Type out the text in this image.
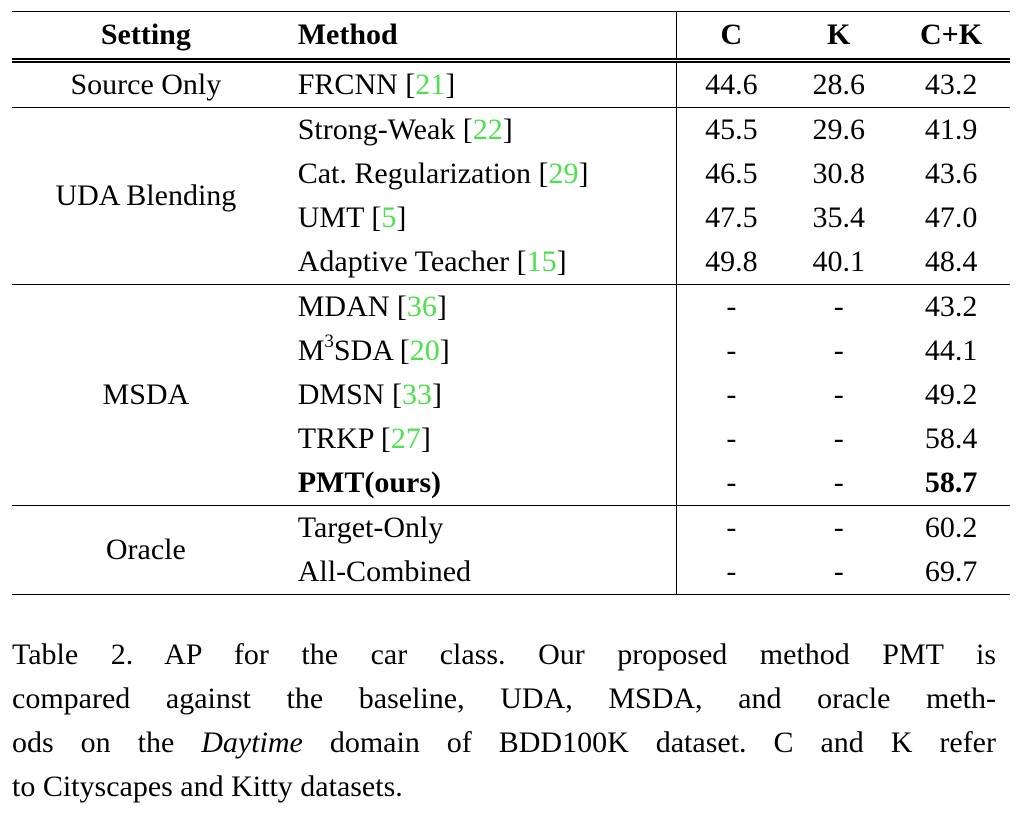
Setting	Method	C	K	C+K
Source Only	FRCNN [21]	44.6	28.6	43.2
UDA Blending	Strong-Weak [22]	45.5	29.6	41.9
	Cat. Regularization [29]	46.5	30.8	43.6
	UMT [5]	47.5	35.4	47.0
	Adaptive Teacher [15]	49.8	40.1	48.4
MSDA	MDAN [36]	-	-	43.2
	$M^3SDA$ [20]	-	-	44.1
	DMSN [33]	-	-	49.2
	TRKP [27]	-	-	58.4
	PMT(ours)	-	-	58.7
Oracle	Target-Only	-	-	60.2
	All-Combined	-	-	69.7
Table 2. AP for the car class. Our proposed method PMT is
compared against the baseline, UDA, MSDA, and oracle meth-
ods on the Daytime domain of BDD100K dataset. C and K refer
to Cityscapes and Kitty datasets.
